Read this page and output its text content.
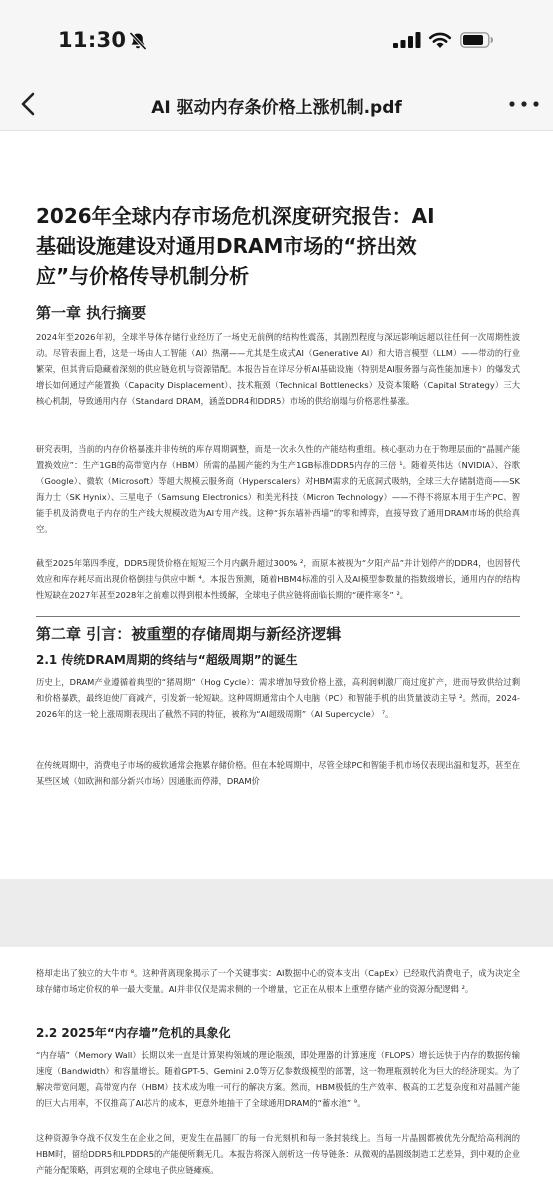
11:30
AI 驱动内存条价格上涨机制.pdf
2026年全球内存市场危机深度研究报告：AI
基础设施建设对通用DRAM市场的“挤出效
应”与价格传导机制分析
第一章 执行摘要
2024年至2026年初，全球半导体存储行业经历了一场史无前例的结构性震荡，其剧烈程度与深远影响远超以往任何一次周期性波动。尽管表面上看，这是一场由人工智能（AI）热潮——尤其是生成式AI（Generative AI）和大语言模型（LLM）——带动的行业繁荣，但其背后隐藏着深刻的供应链危机与资源错配。本报告旨在详尽分析AI基础设施（特别是AI服务器与高性能加速卡）的爆发式增长如何通过产能置换（Capacity Displacement）、技术瓶颈（Technical Bottlenecks）及资本策略（Capital Strategy）三大核心机制，导致通用内存（Standard DRAM，涵盖DDR4和DDR5）市场的供给崩塌与价格恶性暴涨。
研究表明，当前的内存价格暴涨并非传统的库存周期调整，而是一次永久性的产能结构重组。核心驱动力在于物理层面的“晶圆产能置换效应”：生产1GB的高带宽内存（HBM）所需的晶圆产能约为生产1GB标准DDR5内存的三倍 ¹。随着英伟达（NVIDIA）、谷歌（Google）、微软（Microsoft）等超大规模云服务商（Hyperscalers）对HBM需求的无底洞式吸纳，全球三大存储制造商——SK海力士（SK Hynix）、三星电子（Samsung Electronics）和美光科技（Micron Technology）——不得不将原本用于生产PC、智能手机及消费电子内存的生产线大规模改造为AI专用产线。这种“拆东墙补西墙”的零和博弈，直接导致了通用DRAM市场的供给真空。
截至2025年第四季度，DDR5现货价格在短短三个月内飙升超过300% ²，而原本被视为“夕阳产品”并计划停产的DDR4，也因替代效应和库存耗尽而出现价格倒挂与供应中断 ⁴。本报告预测，随着HBM4标准的引入及AI模型参数量的指数级增长，通用内存的结构性短缺在2027年甚至2028年之前难以得到根本性缓解，全球电子供应链将面临长期的“硬件寒冬” ²。
第二章 引言：被重塑的存储周期与新经济逻辑
2.1 传统DRAM周期的终结与“超级周期”的诞生
历史上，DRAM产业遵循着典型的“猪周期”（Hog Cycle）：需求增加导致价格上涨，高利润刺激厂商过度扩产，进而导致供给过剩和价格暴跌，最终迫使厂商减产，引发新一轮短缺。这种周期通常由个人电脑（PC）和智能手机的出货量波动主导 ²。然而，2024-2026年的这一轮上涨周期表现出了截然不同的特征，被称为“AI超级周期”（AI Supercycle） ⁷。
在传统周期中，消费电子市场的疲软通常会拖累存储价格。但在本轮周期中，尽管全球PC和智能手机市场仅表现出温和复苏，甚至在某些区域（如欧洲和部分新兴市场）因通胀而停滞，DRAM价
格却走出了独立的大牛市 ⁸。这种背离现象揭示了一个关键事实：AI数据中心的资本支出（CapEx）已经取代消费电子，成为决定全球存储市场定价权的单一最大变量。AI并非仅仅是需求侧的一个增量，它正在从根本上重塑存储产业的资源分配逻辑 ²。
2.2 2025年“内存墙”危机的具象化
“内存墙”（Memory Wall）长期以来一直是计算架构领域的理论瓶颈，即处理器的计算速度（FLOPS）增长远快于内存的数据传输速度（Bandwidth）和容量增长。随着GPT-5、Gemini 2.0等万亿参数级模型的部署，这一物理瓶颈转化为巨大的经济现实。为了解决带宽问题，高带宽内存（HBM）技术成为唯一可行的解决方案。然而，HBM极低的生产效率、极高的工艺复杂度和对晶圆产能的巨大占用率，不仅推高了AI芯片的成本，更意外地抽干了全球通用DRAM的“蓄水池” ⁹。
这种资源争夺战不仅发生在企业之间，更发生在晶圆厂的每一台光刻机和每一条封装线上。当每一片晶圆都被优先分配给高利润的HBM时，留给DDR5和LPDDR5的产能便所剩无几。本报告将深入剖析这一传导链条：从微观的晶圆级制造工艺差异，到中观的企业产能分配策略，再到宏观的全球电子供应链瘫痪。
